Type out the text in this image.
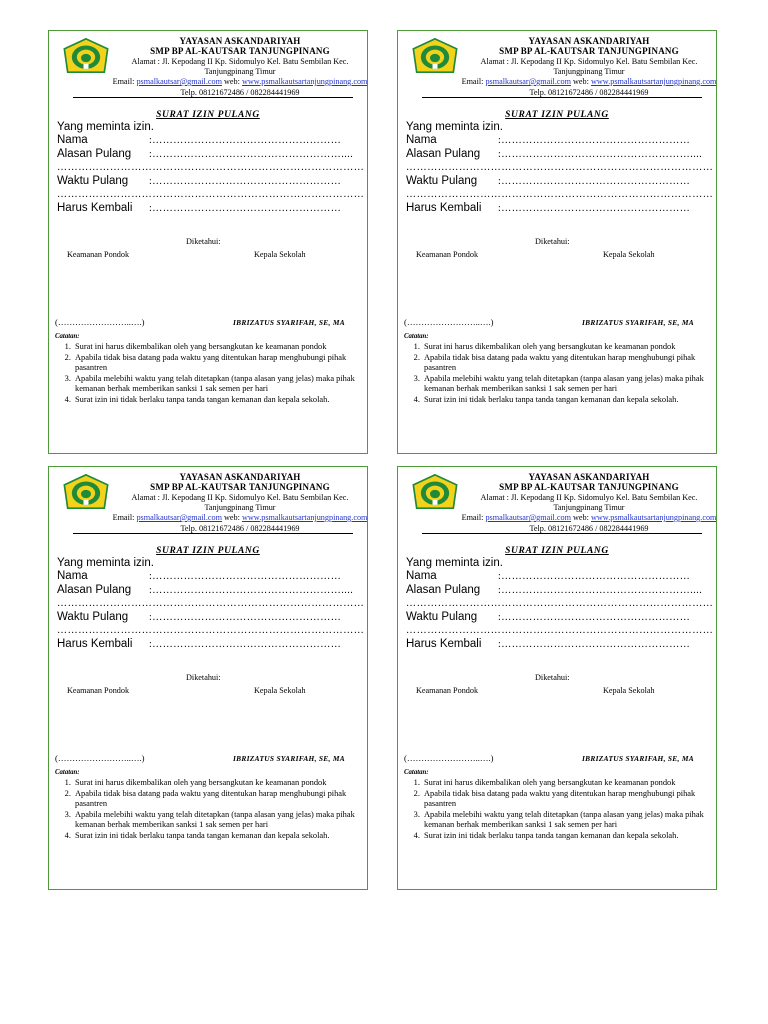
YAYASAN ASKANDARIYAH
SMP BP AL-KAUTSAR TANJUNGPINANG
Alamat : Jl. Kepodang II Kp. Sidomulyo Kel. Batu Sembilan Kec.
Tanjungpinang Timur
Email: psmalkautsar@gmail.com web: www.psmalkautsartanjungpinang.com
Telp. 08121672486 / 082284441969
SURAT IZIN PULANG
Yang meminta izin.
Nama	:………………………………………………
Alasan Pulang :………………………………………………....
……………………………………………………………………………
Waktu Pulang :………………………………………………
……………………………………………………………………………
Harus Kembali :………………………………………………
Diketahui:
Keamanan Pondok	Kepala Sekolah
(……………………..….)	IBRIZATUS SYARIFAH, SE, MA
Catatan:
1. Surat ini harus dikembalikan oleh yang bersangkutan ke keamanan pondok
2. Apabila tidak bisa datang pada waktu yang ditentukan harap menghubungi pihak pasantren
3. Apabila melebihi waktu yang telah ditetapkan (tanpa alasan yang jelas) maka pihak kemanan berhak memberikan sanksi 1 sak semen per hari
4. Surat izin ini tidak berlaku tanpa tanda tangan kemanan dan kepala sekolah.
YAYASAN ASKANDARIYAH
SMP BP AL-KAUTSAR TANJUNGPINANG
Alamat : Jl. Kepodang II Kp. Sidomulyo Kel. Batu Sembilan Kec.
Tanjungpinang Timur
Email: psmalkautsar@gmail.com web: www.psmalkautsartanjungpinang.com
Telp. 08121672486 / 082284441969
SURAT IZIN PULANG
Yang meminta izin.
Nama	:………………………………………………
Alasan Pulang :………………………………………………....
……………………………………………………………………………
Waktu Pulang :………………………………………………
……………………………………………………………………………
Harus Kembali :………………………………………………
Diketahui:
Keamanan Pondok	Kepala Sekolah
(……………………..….)	IBRIZATUS SYARIFAH, SE, MA
Catatan:
1. Surat ini harus dikembalikan oleh yang bersangkutan ke keamanan pondok
2. Apabila tidak bisa datang pada waktu yang ditentukan harap menghubungi pihak pasantren
3. Apabila melebihi waktu yang telah ditetapkan (tanpa alasan yang jelas) maka pihak kemanan berhak memberikan sanksi 1 sak semen per hari
4. Surat izin ini tidak berlaku tanpa tanda tangan kemanan dan kepala sekolah.
YAYASAN ASKANDARIYAH
SMP BP AL-KAUTSAR TANJUNGPINANG
Alamat : Jl. Kepodang II Kp. Sidomulyo Kel. Batu Sembilan Kec.
Tanjungpinang Timur
Email: psmalkautsar@gmail.com web: www.psmalkautsartanjungpinang.com
Telp. 08121672486 / 082284441969
SURAT IZIN PULANG
Yang meminta izin.
Nama	:………………………………………………
Alasan Pulang :………………………………………………....
……………………………………………………………………………
Waktu Pulang :………………………………………………
……………………………………………………………………………
Harus Kembali :………………………………………………
Diketahui:
Keamanan Pondok	Kepala Sekolah
(……………………..….)	IBRIZATUS SYARIFAH, SE, MA
Catatan:
1. Surat ini harus dikembalikan oleh yang bersangkutan ke keamanan pondok
2. Apabila tidak bisa datang pada waktu yang ditentukan harap menghubungi pihak pasantren
3. Apabila melebihi waktu yang telah ditetapkan (tanpa alasan yang jelas) maka pihak kemanan berhak memberikan sanksi 1 sak semen per hari
4. Surat izin ini tidak berlaku tanpa tanda tangan kemanan dan kepala sekolah.
YAYASAN ASKANDARIYAH
SMP BP AL-KAUTSAR TANJUNGPINANG
Alamat : Jl. Kepodang II Kp. Sidomulyo Kel. Batu Sembilan Kec.
Tanjungpinang Timur
Email: psmalkautsar@gmail.com web: www.psmalkautsartanjungpinang.com
Telp. 08121672486 / 082284441969
SURAT IZIN PULANG
Yang meminta izin.
Nama	:………………………………………………
Alasan Pulang :………………………………………………....
……………………………………………………………………………
Waktu Pulang :………………………………………………
……………………………………………………………………………
Harus Kembali :………………………………………………
Diketahui:
Keamanan Pondok	Kepala Sekolah
(……………………..….)	IBRIZATUS SYARIFAH, SE, MA
Catatan:
1. Surat ini harus dikembalikan oleh yang bersangkutan ke keamanan pondok
2. Apabila tidak bisa datang pada waktu yang ditentukan harap menghubungi pihak pasantren
3. Apabila melebihi waktu yang telah ditetapkan (tanpa alasan yang jelas) maka pihak kemanan berhak memberikan sanksi 1 sak semen per hari
4. Surat izin ini tidak berlaku tanpa tanda tangan kemanan dan kepala sekolah.
